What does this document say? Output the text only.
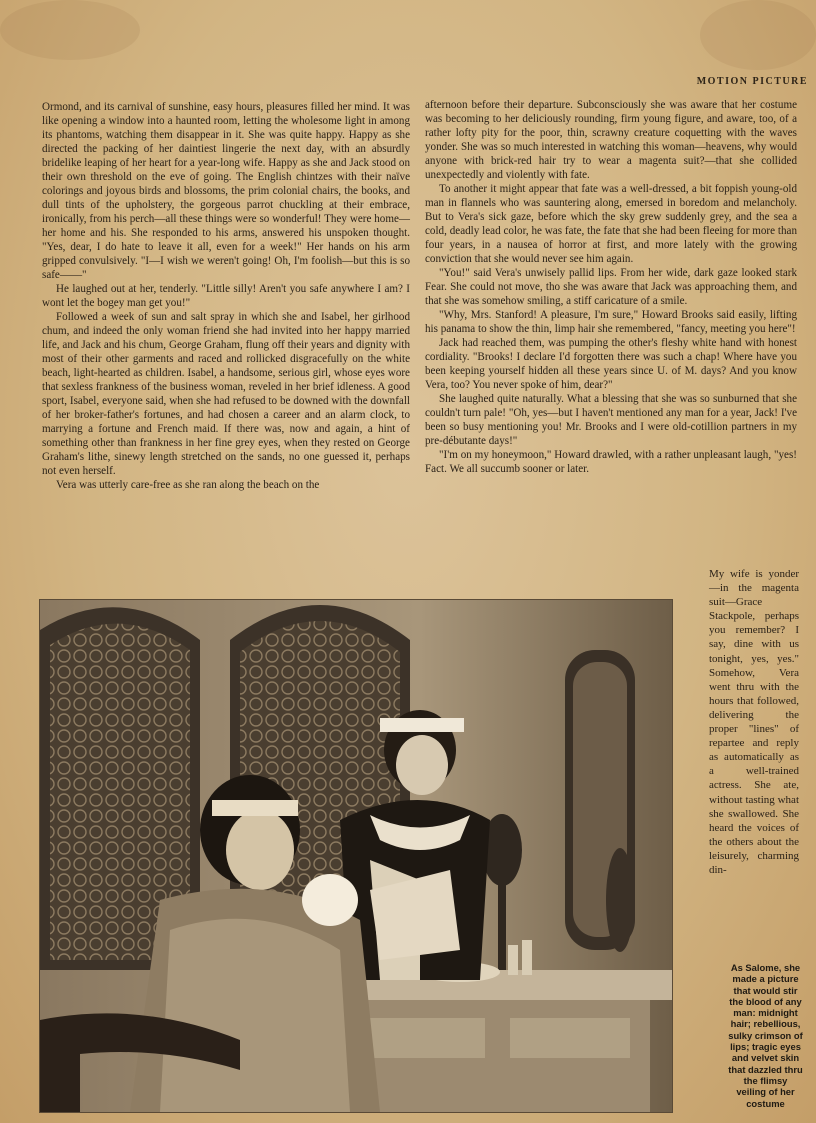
MOTION PICTURE

Ormond, and its carnival of sunshine, easy hours, pleasures filled her mind. It was like opening a window into a haunted room, letting the wholesome light in among its phantoms, watching them disappear in it. She was quite happy. Happy as she directed the packing of her daintiest lingerie the next day, with an absurdly bridelike leaping of her heart for a year-long wife. Happy as she and Jack stood on their own threshold on the eve of going. The English chintzes with their naïve colorings and joyous birds and blossoms, the prim colonial chairs, the books, and dull tints of the upholstery, the gorgeous parrot chuckling at their embrace, ironically, from his perch—all these things were so wonderful! They were home—her home and his. She responded to his arms, answered his unspoken thought. "Yes, dear, I do hate to leave it all, even for a week!" Her hands on his arm gripped convulsively. "I—I wish we weren't going! Oh, I'm foolish—but this is so safe——"

He laughed out at her, tenderly. "Little silly! Aren't you safe anywhere I am? I wont let the bogey man get you!"

Followed a week of sun and salt spray in which she and Isabel, her girlhood chum, and indeed the only woman friend she had invited into her happy married life, and Jack and his chum, George Graham, flung off their years and dignity with most of their other garments and raced and rollicked disgracefully on the white beach, light-hearted as children. Isabel, a handsome, serious girl, whose eyes wore that sexless frankness of the business woman, reveled in her brief idleness. A good sport, Isabel, everyone said, when she had refused to be downed with the downfall of her broker-father's fortunes, and had chosen a career and an alarm clock, to marrying a fortune and French maid. If there was, now and again, a hint of something other than frankness in her fine grey eyes, when they rested on George Graham's lithe, sinewy length stretched on the sands, no one guessed it, perhaps not even herself.

Vera was utterly care-free as she ran along the beach on the

afternoon before their departure. Subconsciously she was aware that her costume was becoming to her deliciously rounding, firm young figure, and aware, too, of a rather lofty pity for the poor, thin, scrawny creature coquetting with the waves yonder. She was so much interested in watching this woman—heavens, why would anyone with brick-red hair try to wear a magenta suit?—that she collided unexpectedly and violently with fate.

To another it might appear that fate was a well-dressed, a bit foppish young-old man in flannels who was sauntering along, emersed in boredom and melancholy. But to Vera's sick gaze, before which the sky grew suddenly grey, and the sea a cold, deadly lead color, he was fate, the fate that she had been fleeing for more than four years, in a nausea of horror at first, and more lately with the growing conviction that she would never see him again.

"You!" said Vera's unwisely pallid lips. From her wide, dark gaze looked stark Fear. She could not move, tho she was aware that Jack was approaching them, and that she was somehow smiling, a stiff caricature of a smile.

"Why, Mrs. Stanford! A pleasure, I'm sure," Howard Brooks said easily, lifting his panama to show the thin, limp hair she remembered, "fancy, meeting you here"!

Jack had reached them, was pumping the other's fleshy white hand with honest cordiality. "Brooks! I declare I'd forgotten there was such a chap! Where have you been keeping yourself hidden all these years since U. of M. days? And you know Vera, too? You never spoke of him, dear?"

She laughed quite naturally. What a blessing that she was so sunburned that she couldn't turn pale! "Oh, yes—but I haven't mentioned any man for a year, Jack! I've been so busy mentioning you! Mr. Brooks and I were old-cotillion partners in my pre-débutante days!"

"I'm on my honeymoon," Howard drawled, with a rather unpleasant laugh, "yes! Fact. We all succumb sooner or later.

My wife is yonder—in the magenta suit—Grace Stackpole, perhaps you remember? I say, dine with us tonight, yes, yes." Somehow, Vera went thru with the hours that followed, delivering the proper "lines" of repartee and reply as automatically as a well-trained actress. She ate, without tasting what she swallowed. She heard the voices of the others about the leisurely, charming din-

As Salome, she made a picture that would stir the blood of any man: midnight hair; rebellious, sulky crimson of lips; tragic eyes and velvet skin that dazzled thru the flimsy veiling of her costume
